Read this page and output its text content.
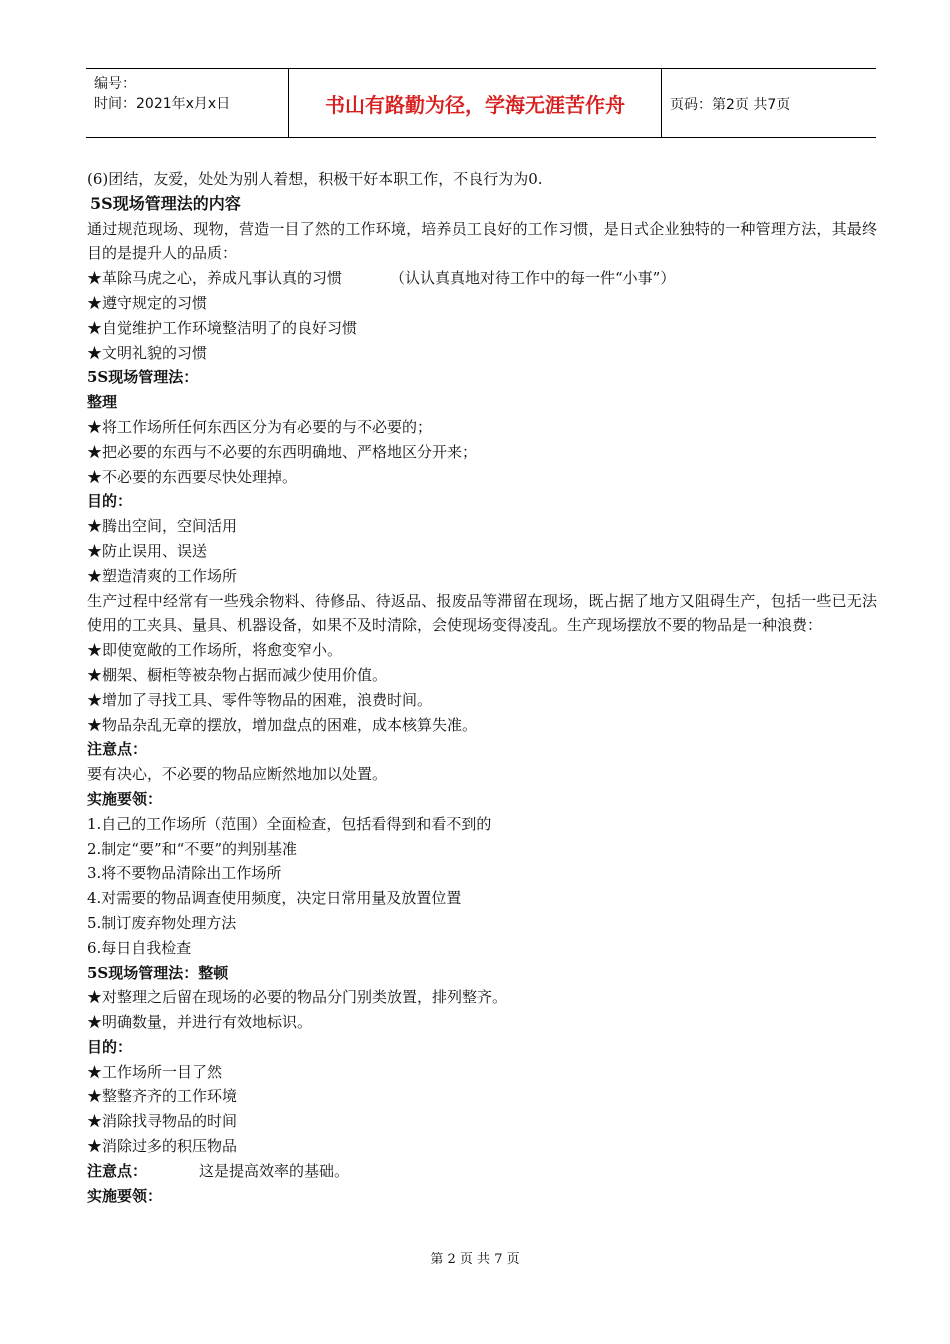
编号：
时间：2021年x月x日	书山有路勤为径，学海无涯苦作舟	页码：第2页 共7页
(6)团结，友爱，处处为别人着想，积极干好本职工作，不良行为为0.
5S现场管理法的内容
通过规范现场、现物，营造一目了然的工作环境，培养员工良好的工作习惯，是日式企业独特的一种管理方法，其最终目的是提升人的品质：
★革除马虎之心，养成凡事认真的习惯	（认认真真地对待工作中的每一件“小事”）
★遵守规定的习惯
★自觉维护工作环境整洁明了的良好习惯
★文明礼貌的习惯
5S现场管理法：
整理
★将工作场所任何东西区分为有必要的与不必要的；
★把必要的东西与不必要的东西明确地、严格地区分开来；
★不必要的东西要尽快处理掉。
目的：
★腾出空间，空间活用
★防止误用、误送
★塑造清爽的工作场所
生产过程中经常有一些残余物料、待修品、待返品、报废品等滞留在现场，既占据了地方又阻碍生产，包括一些已无法使用的工夹具、量具、机器设备，如果不及时清除，会使现场变得凌乱。生产现场摆放不要的物品是一种浪费：
★即使宽敞的工作场所，将愈变窄小。
★棚架、橱柜等被杂物占据而减少使用价值。
★增加了寻找工具、零件等物品的困难，浪费时间。
★物品杂乱无章的摆放，增加盘点的困难，成本核算失准。
注意点：
要有决心，不必要的物品应断然地加以处置。
实施要领：
1.自己的工作场所（范围）全面检查，包括看得到和看不到的
2.制定“要”和“不要”的判别基准
3.将不要物品清除出工作场所
4.对需要的物品调查使用频度，决定日常用量及放置位置
5.制订废弃物处理方法
6.每日自我检查
5S现场管理法：整顿
★对整理之后留在现场的必要的物品分门别类放置，排列整齐。
★明确数量，并进行有效地标识。
目的：
★工作场所一目了然
★整整齐齐的工作环境
★消除找寻物品的时间
★消除过多的积压物品
注意点：	这是提高效率的基础。
实施要领：
第 2 页 共 7 页
